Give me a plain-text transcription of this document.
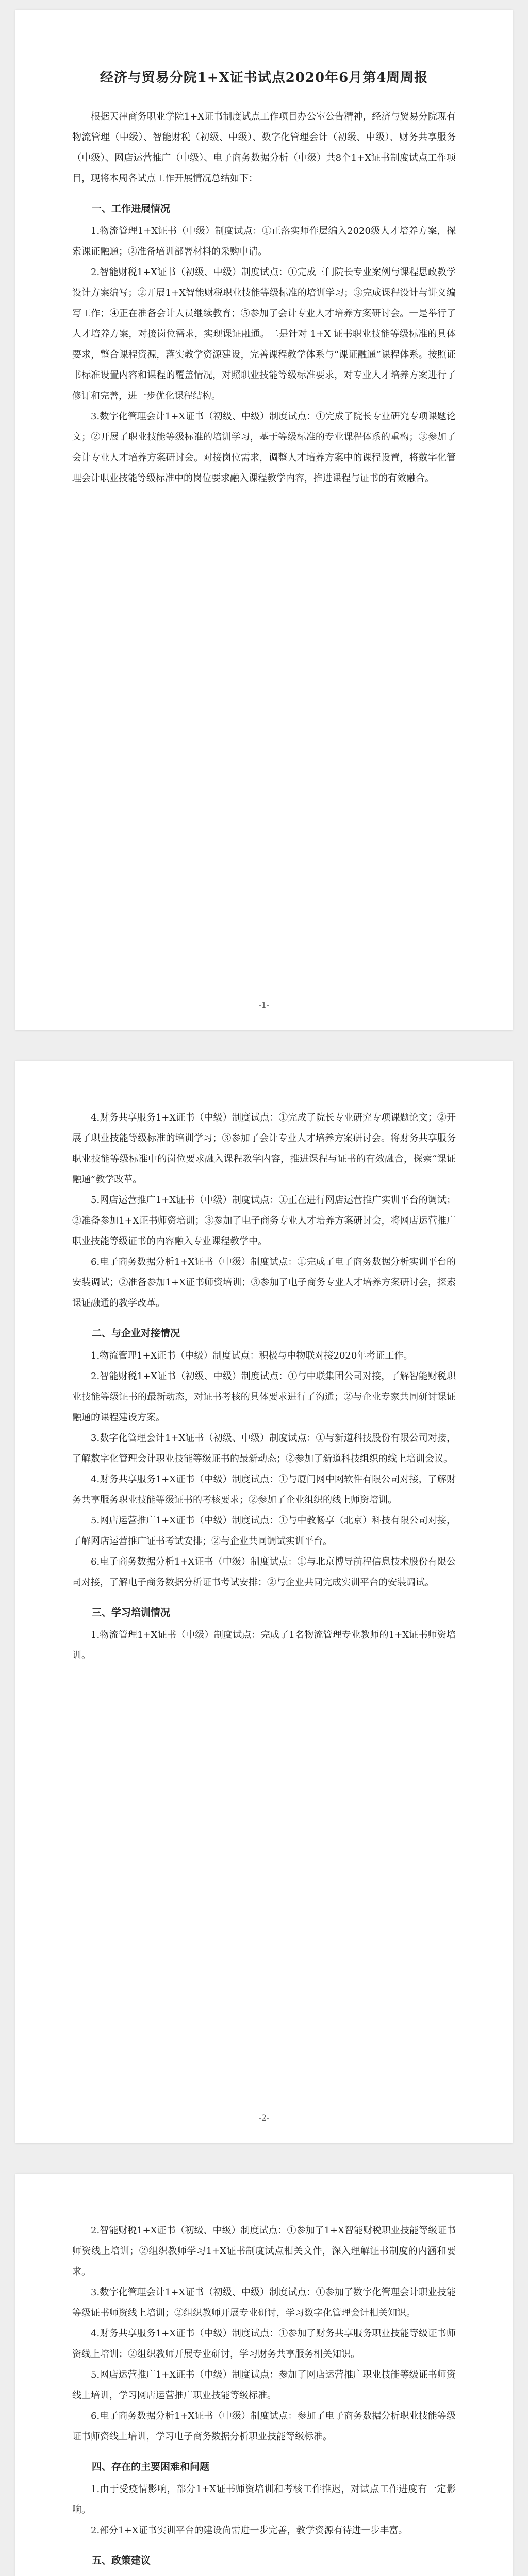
经济与贸易分院1+X证书试点2020年6月第4周周报

根据天津商务职业学院1+X证书制度试点工作项目办公室公告精神，经济与贸易分院现有物流管理（中级）、智能财税（初级、中级）、数字化管理会计（初级、中级）、财务共享服务（中级）、网店运营推广（中级）、电子商务数据分析（中级）共8个1+X证书制度试点工作项目，现将本周各试点工作开展情况总结如下：

一、工作进展情况

1.物流管理1+X证书（中级）制度试点：①正落实师作层编入2020级人才培养方案，探索课证融通；②准备培训部署材料的采购申请。

2.智能财税1+X证书（初级、中级）制度试点：①完成三门院长专业案例与课程思政教学设计方案编写；②开展1+X智能财税职业技能等级标准的培训学习；③完成课程设计与讲义编写工作；④正在准备会计人员继续教育；⑤参加了会计专业人才培养方案研讨会。一是举行了人才培养方案，对接岗位需求，实现课证融通。二是针对 1+X 证书职业技能等级标准的具体要求，整合课程资源，落实教学资源建设，完善课程教学体系与“课证融通”课程体系。按照证书标准设置内容和课程的覆盖情况，对照职业技能等级标准要求，对专业人才培养方案进行了修订和完善，进一步优化课程结构。

3.数字化管理会计1+X证书（初级、中级）制度试点：①完成了院长专业研究专项课题论文；②开展了职业技能等级标准的培训学习，基于等级标准的专业课程体系的重构；③参加了会计专业人才培养方案研讨会。对接岗位需求，调整人才培养方案中的课程设置，将数字化管理会计职业技能等级标准中的岗位要求融入课程教学内容，推进课程与证书的有效融合。

-1-

4.财务共享服务1+X证书（中级）制度试点：①完成了院长专业研究专项课题论文；②开展了职业技能等级标准的培训学习；③参加了会计专业人才培养方案研讨会。将财务共享服务职业技能等级标准中的岗位要求融入课程教学内容，推进课程与证书的有效融合，探索“课证融通”教学改革。

5.网店运营推广1+X证书（中级）制度试点：①正在进行网店运营推广实训平台的调试；②准备参加1+X证书师资培训；③参加了电子商务专业人才培养方案研讨会，将网店运营推广职业技能等级证书的内容融入专业课程教学中。

6.电子商务数据分析1+X证书（中级）制度试点：①完成了电子商务数据分析实训平台的安装调试；②准备参加1+X证书师资培训；③参加了电子商务专业人才培养方案研讨会，探索课证融通的教学改革。

二、与企业对接情况

1.物流管理1+X证书（中级）制度试点：积极与中物联对接2020年考证工作。

2.智能财税1+X证书（初级、中级）制度试点：①与中联集团公司对接，了解智能财税职业技能等级证书的最新动态，对证书考核的具体要求进行了沟通；②与企业专家共同研讨课证融通的课程建设方案。

3.数字化管理会计1+X证书（初级、中级）制度试点：①与新道科技股份有限公司对接，了解数字化管理会计职业技能等级证书的最新动态；②参加了新道科技组织的线上培训会议。

4.财务共享服务1+X证书（中级）制度试点：①与厦门网中网软件有限公司对接，了解财务共享服务职业技能等级证书的考核要求；②参加了企业组织的线上师资培训。

5.网店运营推广1+X证书（中级）制度试点：①与中教畅享（北京）科技有限公司对接，了解网店运营推广证书考试安排；②与企业共同调试实训平台。

6.电子商务数据分析1+X证书（中级）制度试点：①与北京博导前程信息技术股份有限公司对接，了解电子商务数据分析证书考试安排；②与企业共同完成实训平台的安装调试。

三、学习培训情况

1.物流管理1+X证书（中级）制度试点：完成了1名物流管理专业教师的1+X证书师资培训。

-2-

2.智能财税1+X证书（初级、中级）制度试点：①参加了1+X智能财税职业技能等级证书师资线上培训；②组织教师学习1+X证书制度试点相关文件，深入理解证书制度的内涵和要求。

3.数字化管理会计1+X证书（初级、中级）制度试点：①参加了数字化管理会计职业技能等级证书师资线上培训；②组织教师开展专业研讨，学习数字化管理会计相关知识。

4.财务共享服务1+X证书（中级）制度试点：①参加了财务共享服务职业技能等级证书师资线上培训；②组织教师开展专业研讨，学习财务共享服务相关知识。

5.网店运营推广1+X证书（中级）制度试点：参加了网店运营推广职业技能等级证书师资线上培训，学习网店运营推广职业技能等级标准。

6.电子商务数据分析1+X证书（中级）制度试点：参加了电子商务数据分析职业技能等级证书师资线上培训，学习电子商务数据分析职业技能等级标准。

四、存在的主要困难和问题

1.由于受疫情影响，部分1+X证书师资培训和考核工作推迟，对试点工作进度有一定影响。

2.部分1+X证书实训平台的建设尚需进一步完善，教学资源有待进一步丰富。

五、政策建议
